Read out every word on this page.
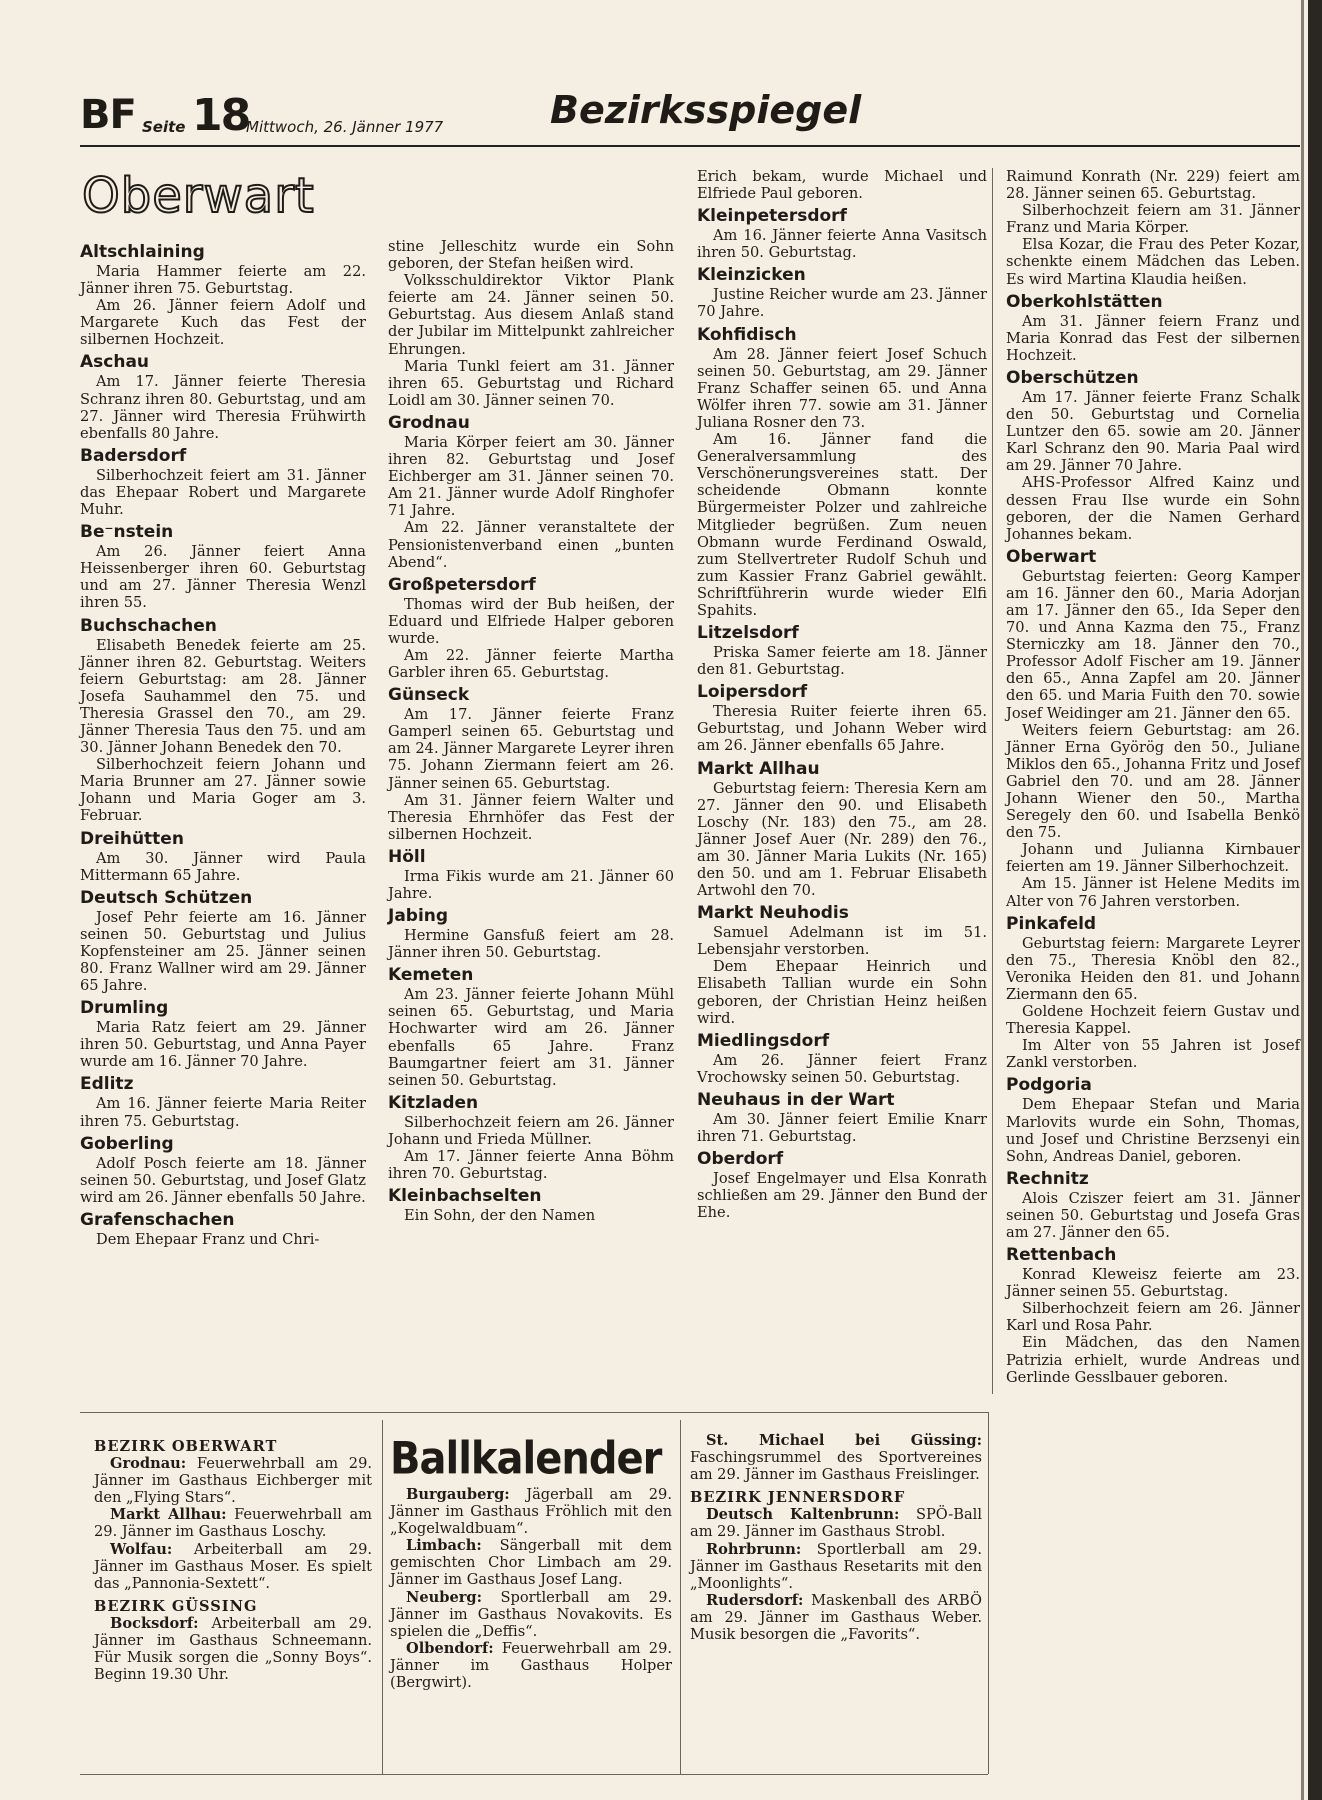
BF Seite 18
Mittwoch, 26. Jänner 1977	Bezirksspiegel
Oberwart
Altschlaining
Maria Hammer feierte am 22. Jänner ihren 75. Geburtstag.
Am 26. Jänner feiern Adolf und Margarete Kuch das Fest der silbernen Hochzeit.
Aschau
Am 17. Jänner feierte Theresia Schranz ihren 80. Geburtstag, und am 27. Jänner wird Theresia Frühwirth ebenfalls 80 Jahre.
Badersdorf
Silberhochzeit feiert am 31. Jänner das Ehepaar Robert und Margarete Muhr.
Be⁻nstein
Am 26. Jänner feiert Anna Heissenberger ihren 60. Geburtstag und am 27. Jänner Theresia Wenzl ihren 55.
Buchschachen
Elisabeth Benedek feierte am 25. Jänner ihren 82. Geburtstag. Weiters feiern Geburtstag: am 28. Jänner Josefa Sauhammel den 75. und Theresia Grassel den 70., am 29. Jänner Theresia Taus den 75. und am 30. Jänner Johann Benedek den 70.
Silberhochzeit feiern Johann und Maria Brunner am 27. Jänner sowie Johann und Maria Goger am 3. Februar.
Dreihütten
Am 30. Jänner wird Paula Mittermann 65 Jahre.
Deutsch Schützen
Josef Pehr feierte am 16. Jänner seinen 50. Geburtstag und Julius Kopfensteiner am 25. Jänner seinen 80. Franz Wallner wird am 29. Jänner 65 Jahre.
Drumling
Maria Ratz feiert am 29. Jänner ihren 50. Geburtstag, und Anna Payer wurde am 16. Jänner 70 Jahre.
Edlitz
Am 16. Jänner feierte Maria Reiter ihren 75. Geburtstag.
Goberling
Adolf Posch feierte am 18. Jänner seinen 50. Geburtstag, und Josef Glatz wird am 26. Jänner ebenfalls 50 Jahre.
Grafenschachen
Dem Ehepaar Franz und Chri-
stine Jelleschitz wurde ein Sohn geboren, der Stefan heißen wird.
Volksschuldirektor Viktor Plank feierte am 24. Jänner seinen 50. Geburtstag. Aus diesem Anlaß stand der Jubilar im Mittelpunkt zahlreicher Ehrungen.
Maria Tunkl feiert am 31. Jänner ihren 65. Geburtstag und Richard Loidl am 30. Jänner seinen 70.
Grodnau
Maria Körper feiert am 30. Jänner ihren 82. Geburtstag und Josef Eichberger am 31. Jänner seinen 70. Am 21. Jänner wurde Adolf Ringhofer 71 Jahre.
Am 22. Jänner veranstaltete der Pensionistenverband einen „bunten Abend“.
Großpetersdorf
Thomas wird der Bub heißen, der Eduard und Elfriede Halper geboren wurde.
Am 22. Jänner feierte Martha Garbler ihren 65. Geburtstag.
Günseck
Am 17. Jänner feierte Franz Gamperl seinen 65. Geburtstag und am 24. Jänner Margarete Leyrer ihren 75. Johann Ziermann feiert am 26. Jänner seinen 65. Geburtstag.
Am 31. Jänner feiern Walter und Theresia Ehrnhöfer das Fest der silbernen Hochzeit.
Höll
Irma Fikis wurde am 21. Jänner 60 Jahre.
Jabing
Hermine Gansfuß feiert am 28. Jänner ihren 50. Geburtstag.
Kemeten
Am 23. Jänner feierte Johann Mühl seinen 65. Geburtstag, und Maria Hochwarter wird am 26. Jänner ebenfalls 65 Jahre. Franz Baumgartner feiert am 31. Jänner seinen 50. Geburtstag.
Kitzladen
Silberhochzeit feiern am 26. Jänner Johann und Frieda Müllner.
Am 17. Jänner feierte Anna Böhm ihren 70. Geburtstag.
Kleinbachselten
Ein Sohn, der den Namen
Erich bekam, wurde Michael und Elfriede Paul geboren.
Kleinpetersdorf
Am 16. Jänner feierte Anna Vasitsch ihren 50. Geburtstag.
Kleinzicken
Justine Reicher wurde am 23. Jänner 70 Jahre.
Kohfidisch
Am 28. Jänner feiert Josef Schuch seinen 50. Geburtstag, am 29. Jänner Franz Schaffer seinen 65. und Anna Wölfer ihren 77. sowie am 31. Jänner Juliana Rosner den 73.
Am 16. Jänner fand die Generalversammlung des Verschönerungsvereines statt. Der scheidende Obmann konnte Bürgermeister Polzer und zahlreiche Mitglieder begrüßen. Zum neuen Obmann wurde Ferdinand Oswald, zum Stellvertreter Rudolf Schuh und zum Kassier Franz Gabriel gewählt. Schriftführerin wurde wieder Elfi Spahits.
Litzelsdorf
Priska Samer feierte am 18. Jänner den 81. Geburtstag.
Loipersdorf
Theresia Ruiter feierte ihren 65. Geburtstag, und Johann Weber wird am 26. Jänner ebenfalls 65 Jahre.
Markt Allhau
Geburtstag feiern: Theresia Kern am 27. Jänner den 90. und Elisabeth Loschy (Nr. 183) den 75., am 28. Jänner Josef Auer (Nr. 289) den 76., am 30. Jänner Maria Lukits (Nr. 165) den 50. und am 1. Februar Elisabeth Artwohl den 70.
Markt Neuhodis
Samuel Adelmann ist im 51. Lebensjahr verstorben.
Dem Ehepaar Heinrich und Elisabeth Tallian wurde ein Sohn geboren, der Christian Heinz heißen wird.
Miedlingsdorf
Am 26. Jänner feiert Franz Vrochowsky seinen 50. Geburtstag.
Neuhaus in der Wart
Am 30. Jänner feiert Emilie Knarr ihren 71. Geburtstag.
Oberdorf
Josef Engelmayer und Elsa Konrath schließen am 29. Jänner den Bund der Ehe.
Raimund Konrath (Nr. 229) feiert am 28. Jänner seinen 65. Geburtstag.
Silberhochzeit feiern am 31. Jänner Franz und Maria Körper.
Elsa Kozar, die Frau des Peter Kozar, schenkte einem Mädchen das Leben. Es wird Martina Klaudia heißen.
Oberkohlstätten
Am 31. Jänner feiern Franz und Maria Konrad das Fest der silbernen Hochzeit.
Oberschützen
Am 17. Jänner feierte Franz Schalk den 50. Geburtstag und Cornelia Luntzer den 65. sowie am 20. Jänner Karl Schranz den 90. Maria Paal wird am 29. Jänner 70 Jahre.
AHS-Professor Alfred Kainz und dessen Frau Ilse wurde ein Sohn geboren, der die Namen Gerhard Johannes bekam.
Oberwart
Geburtstag feierten: Georg Kamper am 16. Jänner den 60., Maria Adorjan am 17. Jänner den 65., Ida Seper den 70. und Anna Kazma den 75., Franz Sterniczky am 18. Jänner den 70., Professor Adolf Fischer am 19. Jänner den 65., Anna Zapfel am 20. Jänner den 65. und Maria Fuith den 70. sowie Josef Weidinger am 21. Jänner den 65.
Weiters feiern Geburtstag: am 26. Jänner Erna Györög den 50., Juliane Miklos den 65., Johanna Fritz und Josef Gabriel den 70. und am 28. Jänner Johann Wiener den 50., Martha Seregely den 60. und Isabella Benkö den 75.
Johann und Julianna Kirnbauer feierten am 19. Jänner Silberhochzeit.
Am 15. Jänner ist Helene Medits im Alter von 76 Jahren verstorben.
Pinkafeld
Geburtstag feiern: Margarete Leyrer den 75., Theresia Knöbl den 82., Veronika Heiden den 81. und Johann Ziermann den 65.
Goldene Hochzeit feiern Gustav und Theresia Kappel.
Im Alter von 55 Jahren ist Josef Zankl verstorben.
Podgoria
Dem Ehepaar Stefan und Maria Marlovits wurde ein Sohn, Thomas, und Josef und Christine Berzsenyi ein Sohn, Andreas Daniel, geboren.
Rechnitz
Alois Cziszer feiert am 31. Jänner seinen 50. Geburtstag und Josefa Gras am 27. Jänner den 65.
Rettenbach
Konrad Kleweisz feierte am 23. Jänner seinen 55. Geburtstag.
Silberhochzeit feiern am 26. Jänner Karl und Rosa Pahr.
Ein Mädchen, das den Namen Patrizia erhielt, wurde Andreas und Gerlinde Gesslbauer geboren.
BEZIRK OBERWART
Grodnau: Feuerwehrball am 29. Jänner im Gasthaus Eichberger mit den „Flying Stars“.
Markt Allhau: Feuerwehrball am 29. Jänner im Gasthaus Loschy.
Wolfau: Arbeiterball am 29. Jänner im Gasthaus Moser. Es spielt das „Pannonia-Sextett“.
BEZIRK GÜSSING
Bocksdorf: Arbeiterball am 29. Jänner im Gasthaus Schneemann. Für Musik sorgen die „Sonny Boys“. Beginn 19.30 Uhr.
Ballkalender
Burgauberg: Jägerball am 29. Jänner im Gasthaus Fröhlich mit den „Kogelwaldbuam“.
Limbach: Sängerball mit dem gemischten Chor Limbach am 29. Jänner im Gasthaus Josef Lang.
Neuberg: Sportlerball am 29. Jänner im Gasthaus Novakovits. Es spielen die „Deffis“.
Olbendorf: Feuerwehrball am 29. Jänner im Gasthaus Holper (Bergwirt).
St. Michael bei Güssing: Faschingsrummel des Sportvereines am 29. Jänner im Gasthaus Freislinger.
BEZIRK JENNERSDORF
Deutsch Kaltenbrunn: SPÖ-Ball am 29. Jänner im Gasthaus Strobl.
Rohrbrunn: Sportlerball am 29. Jänner im Gasthaus Resetarits mit den „Moonlights“.
Rudersdorf: Maskenball des ARBÖ am 29. Jänner im Gasthaus Weber. Musik besorgen die „Favorits“.
